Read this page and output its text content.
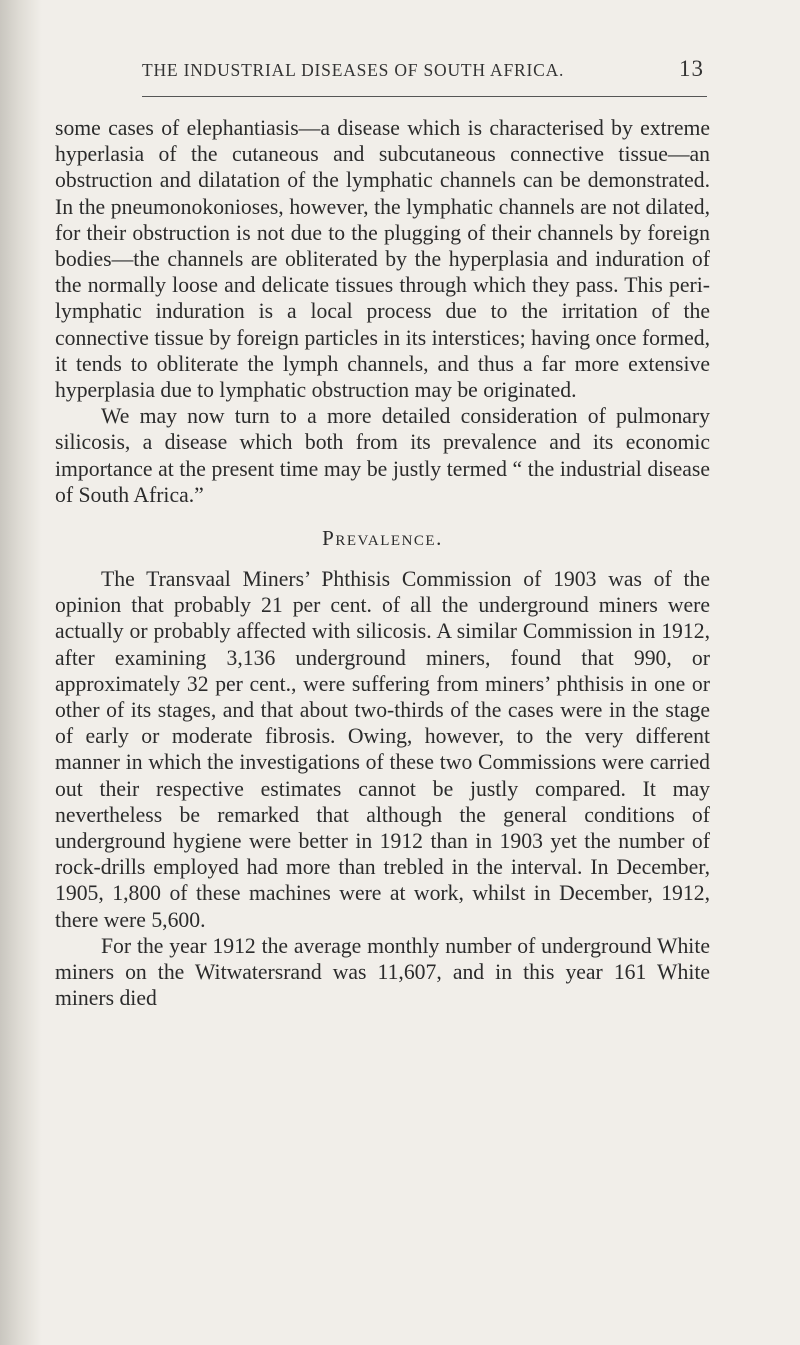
THE INDUSTRIAL DISEASES OF SOUTH AFRICA.	13

some cases of elephantiasis—a disease which is characterised by extreme hyperlasia of the cutaneous and subcutaneous connective tissue—an obstruction and dilatation of the lymphatic channels can be demonstrated. In the pneumonokonioses, however, the lymphatic channels are not dilated, for their obstruction is not due to the plugging of their channels by foreign bodies—the channels are obliterated by the hyperplasia and induration of the normally loose and delicate tissues through which they pass. This peri-lymphatic induration is a local process due to the irritation of the connective tissue by foreign particles in its interstices; having once formed, it tends to obliterate the lymph channels, and thus a far more extensive hyperplasia due to lymphatic obstruction may be originated.

We may now turn to a more detailed consideration of pulmonary silicosis, a disease which both from its prevalence and its economic importance at the present time may be justly termed “ the industrial disease of South Africa.”

Prevalence.

The Transvaal Miners’ Phthisis Commission of 1903 was of the opinion that probably 21 per cent. of all the underground miners were actually or probably affected with silicosis. A similar Commission in 1912, after examining 3,136 underground miners, found that 990, or approximately 32 per cent., were suffering from miners’ phthisis in one or other of its stages, and that about two-thirds of the cases were in the stage of early or moderate fibrosis. Owing, however, to the very different manner in which the investigations of these two Commissions were carried out their respective estimates cannot be justly compared. It may nevertheless be remarked that although the general conditions of underground hygiene were better in 1912 than in 1903 yet the number of rock-drills employed had more than trebled in the interval. In December, 1905, 1,800 of these machines were at work, whilst in December, 1912, there were 5,600.

For the year 1912 the average monthly number of underground White miners on the Witwatersrand was 11,607, and in this year 161 White miners died
